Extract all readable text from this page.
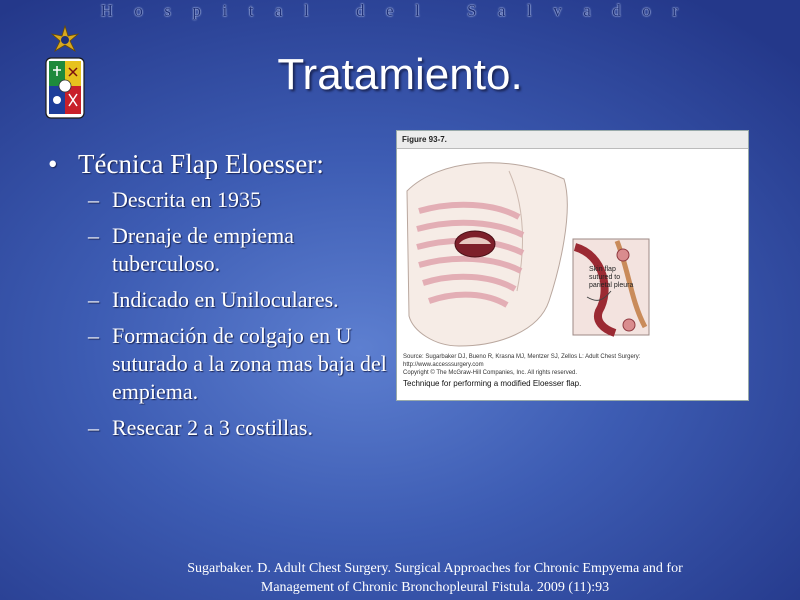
Hospital del Salvador
Tratamiento.
• Técnica Flap Eloesser:
– Descrita en 1935
– Drenaje de empiema tuberculoso.
– Indicado en Uniloculares.
– Formación de colgajo en U suturado a la zona mas baja del empiema.
– Resecar 2 a 3 costillas.
Figure 93-7.
Skin flap
sutured to
parietal pleura
Source: Sugarbaker DJ, Bueno R, Krasna MJ, Mentzer SJ, Zellos L: Adult Chest Surgery:
http://www.accesssurgery.com
Copyright © The McGraw-Hill Companies, Inc. All rights reserved.
Technique for performing a modified Eloesser flap.
Sugarbaker. D. Adult Chest Surgery. Surgical Approaches for Chronic Empyema and for
Management of Chronic Bronchopleural Fistula. 2009 (11):93
